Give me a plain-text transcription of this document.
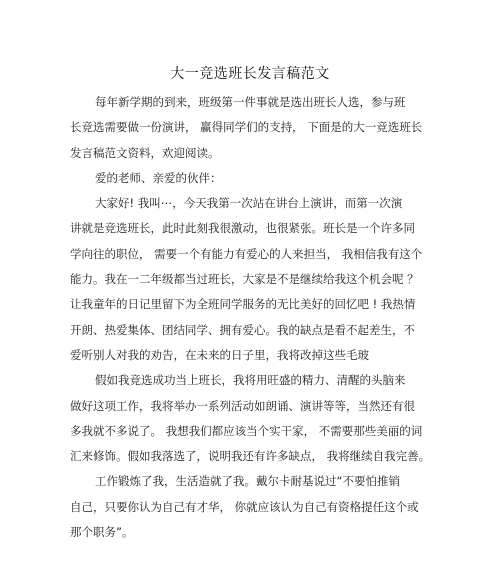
大一竞选班长发言稿范文
每年新学期的到来，班级第一件事就是选出班长人选，参与班
长竞选需要做一份演讲， 赢得同学们的支持， 下面是的大一竞选班长
发言稿范文资料，欢迎阅读。
爱的老师、亲爱的伙伴：
大家好! 我叫⋯，今天我第一次站在讲台上演讲，而第一次演
讲就是竞选班长，此时此刻我很激动，也很紧张。班长是一个许多同
学向往的职位， 需要一个有能力有爱心的人来担当， 我相信我有这个
能力。我在一二年级都当过班长，大家是不是继续给我这个机会呢 ？
让我童年的日记里留下为全班同学服务的无比美好的回忆吧 ! 我热情
开朗、热爱集体、团结同学、拥有爱心。我的缺点是看不起差生，不
爱听别人对我的劝告，在未来的日子里，我将改掉这些毛玻
假如我竞选成功当上班长，我将用旺盛的精力、清醒的头脑来
做好这项工作，我将举办一系列活动如朗诵、演讲等等，当然还有很
多我就不多说了。 我想我们都应该当个实干家， 不需要那些美丽的词
汇来修饰。假如我落选了，说明我还有许多缺点， 我将继续自我完善。
工作锻炼了我，生活造就了我。戴尔卡耐基说过“不要怕推销
自己，只要你认为自己有才华， 你就应该认为自己有资格提任这个或
那个职务”。
